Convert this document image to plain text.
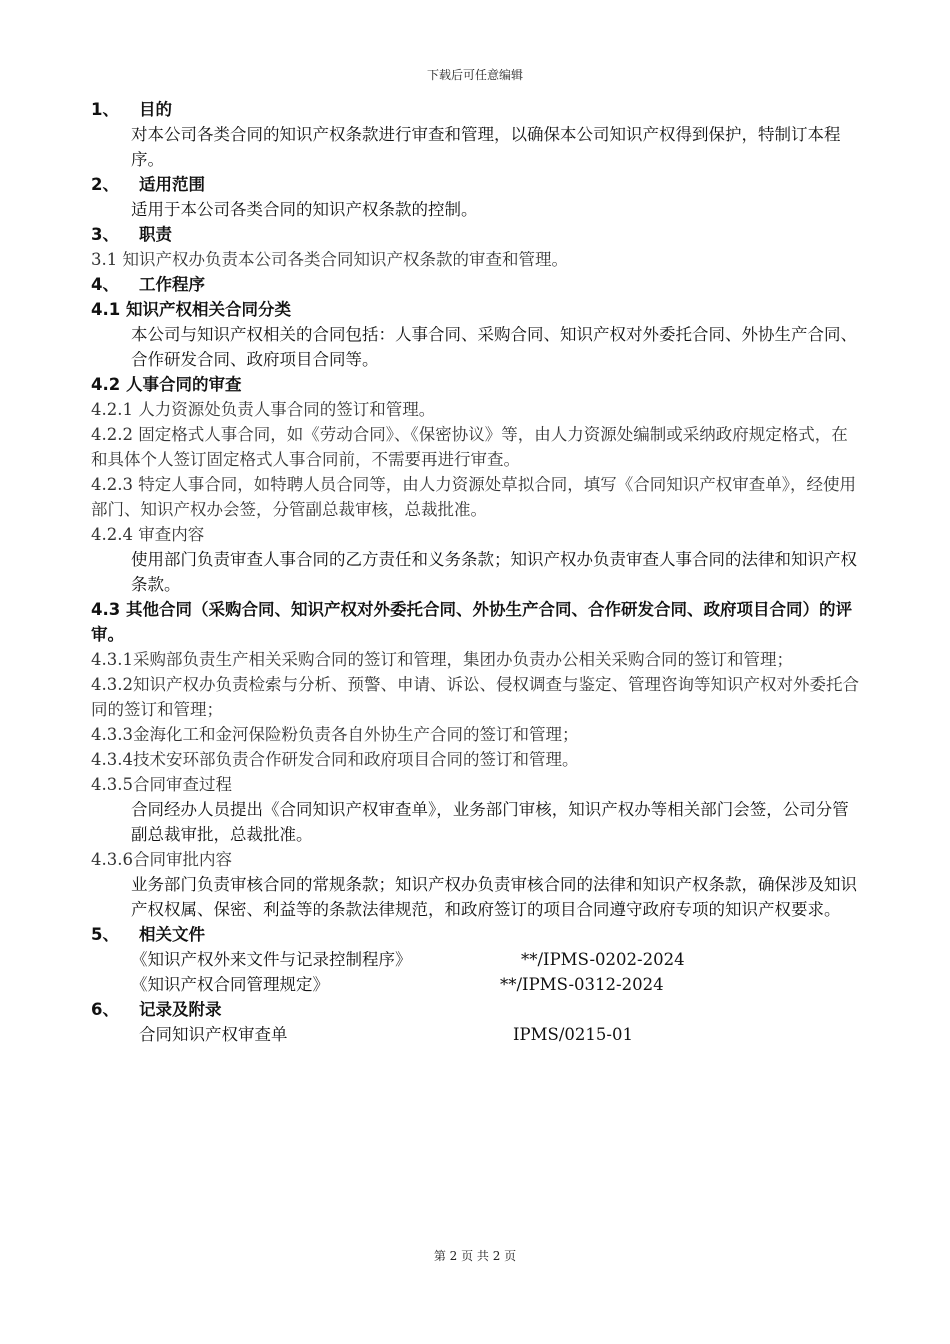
下载后可任意编辑
1、 目的
对本公司各类合同的知识产权条款进行审查和管理，以确保本公司知识产权得到保护，特制订本程序。
2、 适用范围
适用于本公司各类合同的知识产权条款的控制。
3、 职责
3.1 知识产权办负责本公司各类合同知识产权条款的审查和管理。
4、 工作程序
4.1 知识产权相关合同分类
本公司与知识产权相关的合同包括：人事合同、采购合同、知识产权对外委托合同、外协生产合同、合作研发合同、政府项目合同等。
4.2 人事合同的审查
4.2.1 人力资源处负责人事合同的签订和管理。
4.2.2 固定格式人事合同，如《劳动合同》、《保密协议》等，由人力资源处编制或采纳政府规定格式，在和具体个人签订固定格式人事合同前，不需要再进行审查。
4.2.3 特定人事合同，如特聘人员合同等，由人力资源处草拟合同，填写《合同知识产权审查单》，经使用部门、知识产权办会签，分管副总裁审核，总裁批准。
4.2.4 审查内容
使用部门负责审查人事合同的乙方责任和义务条款；知识产权办负责审查人事合同的法律和知识产权条款。
4.3 其他合同（采购合同、知识产权对外委托合同、外协生产合同、合作研发合同、政府项目合同）的评审。
4.3.1采购部负责生产相关采购合同的签订和管理，集团办负责办公相关采购合同的签订和管理；
4.3.2知识产权办负责检索与分析、预警、申请、诉讼、侵权调查与鉴定、管理咨询等知识产权对外委托合同的签订和管理；
4.3.3金海化工和金河保险粉负责各自外协生产合同的签订和管理；
4.3.4技术安环部负责合作研发合同和政府项目合同的签订和管理。
4.3.5合同审查过程
合同经办人员提出《合同知识产权审查单》，业务部门审核，知识产权办等相关部门会签，公司分管副总裁审批，总裁批准。
4.3.6合同审批内容
业务部门负责审核合同的常规条款；知识产权办负责审核合同的法律和知识产权条款，确保涉及知识产权权属、保密、利益等的条款法律规范，和政府签订的项目合同遵守政府专项的知识产权要求。
5、 相关文件
《知识产权外来文件与记录控制程序》	**/IPMS-0202-2024
《知识产权合同管理规定》	**/IPMS-0312-2024
6、 记录及附录
合同知识产权审查单	IPMS/0215-01
第 2 页 共 2 页
